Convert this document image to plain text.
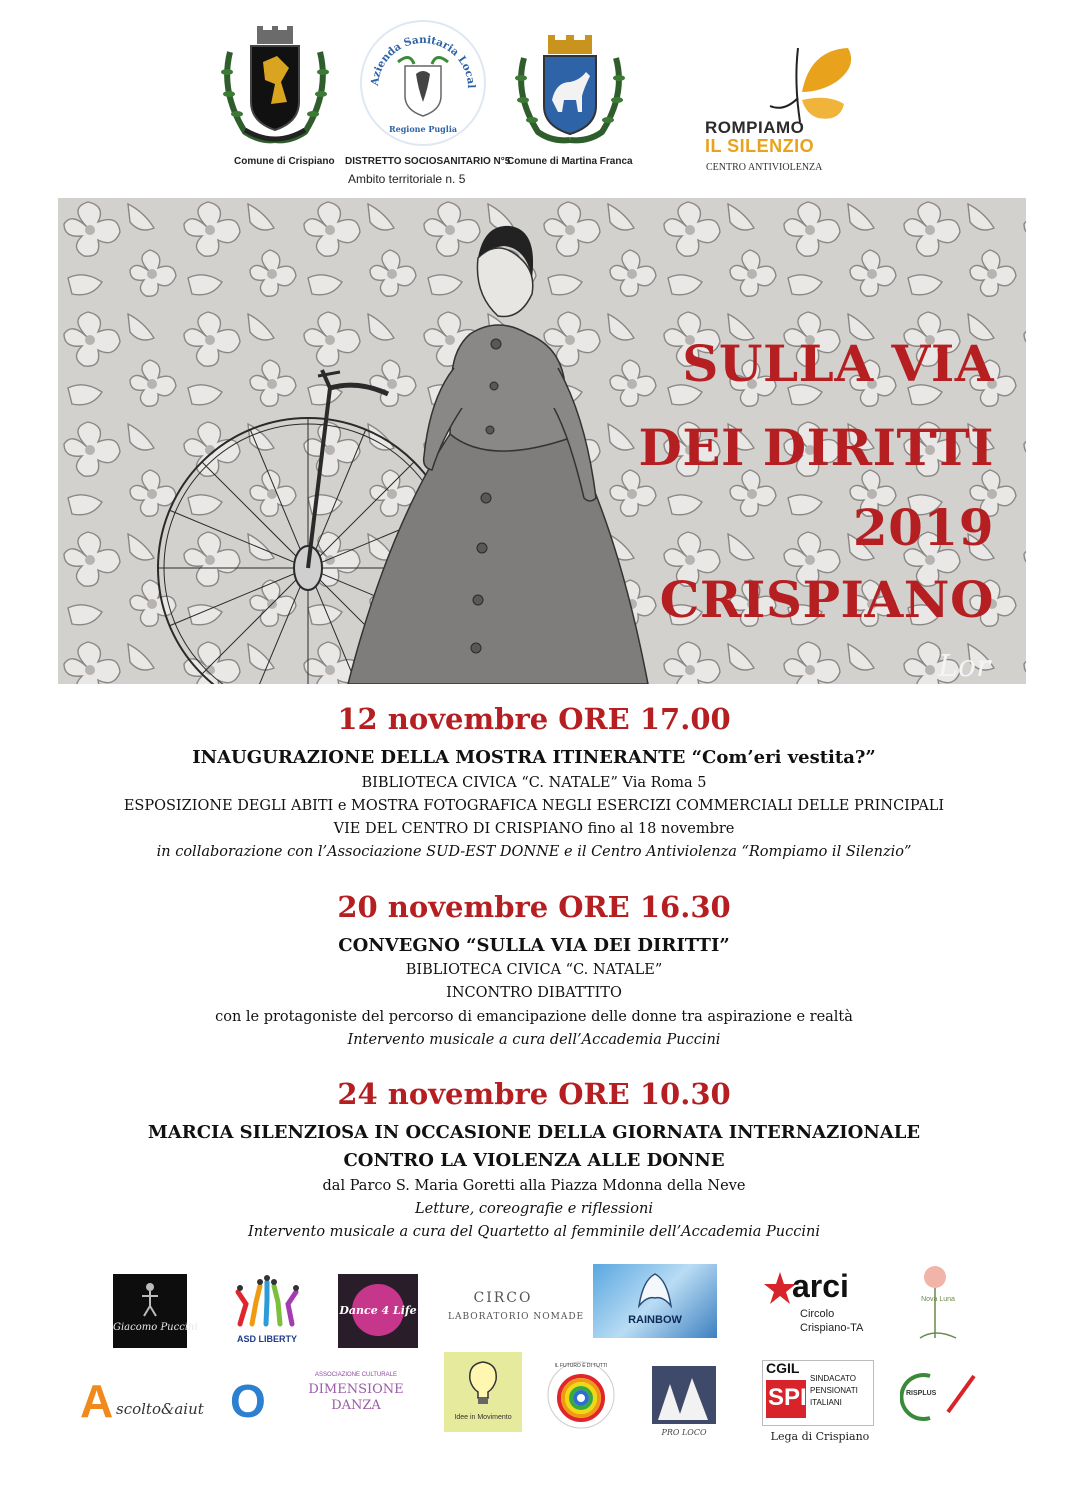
Comune di Crispiano
Azienda Sanitaria Local
Regione Puglia
DISTRETTO SOCIOSANITARIO N°5
Ambito territoriale n. 5
Comune di Martina Franca
ROMPIAMO
IL SILENZIO
CENTRO ANTIVIOLENZA
Lor
SULLA VIA
DEI DIRITTI
2019
CRISPIANO
12 novembre ORE 17.00
INAUGURAZIONE DELLA MOSTRA ITINERANTE “Com’eri vestita?”
BIBLIOTECA CIVICA “C. NATALE” Via Roma 5
ESPOSIZIONE DEGLI ABITI e MOSTRA FOTOGRAFICA NEGLI ESERCIZI COMMERCIALI DELLE PRINCIPALI
VIE DEL CENTRO DI CRISPIANO fino al 18 novembre
in collaborazione con l’Associazione SUD-EST DONNE e il Centro Antiviolenza “Rompiamo il Silenzio”
20 novembre ORE 16.30
CONVEGNO “SULLA VIA DEI DIRITTI”
BIBLIOTECA CIVICA “C. NATALE”
INCONTRO DIBATTITO
con le protagoniste del percorso di emancipazione delle donne tra aspirazione e realtà
Intervento musicale a cura dell’Accademia Puccini
24 novembre ORE 10.30
MARCIA SILENZIOSA IN OCCASIONE DELLA GIORNATA INTERNAZIONALE
CONTRO LA VIOLENZA ALLE DONNE
dal Parco S. Maria Goretti alla Piazza Mdonna della Neve
Letture, coreografie e riflessioni
Intervento musicale a cura del Quartetto al femminile dell’Accademia Puccini
Giacomo Puccini
ASD LIBERTY
Dance 4 Life
CIRCO
LABORATORIO NOMADE	RAINBOW
arci
Circolo
Crispiano-TA
Nova Luna
A scolto&aiut O	ASSOCIAZIONE CULTURALE
DIMENSIONE
DANZA
Idee in Movimento
IL FUTURO È DI TUTTI
PRO LOCO
CGIL
SPI
SINDACATO
PENSIONATI
ITALIANI
Lega di Crispiano
RISPLUS
